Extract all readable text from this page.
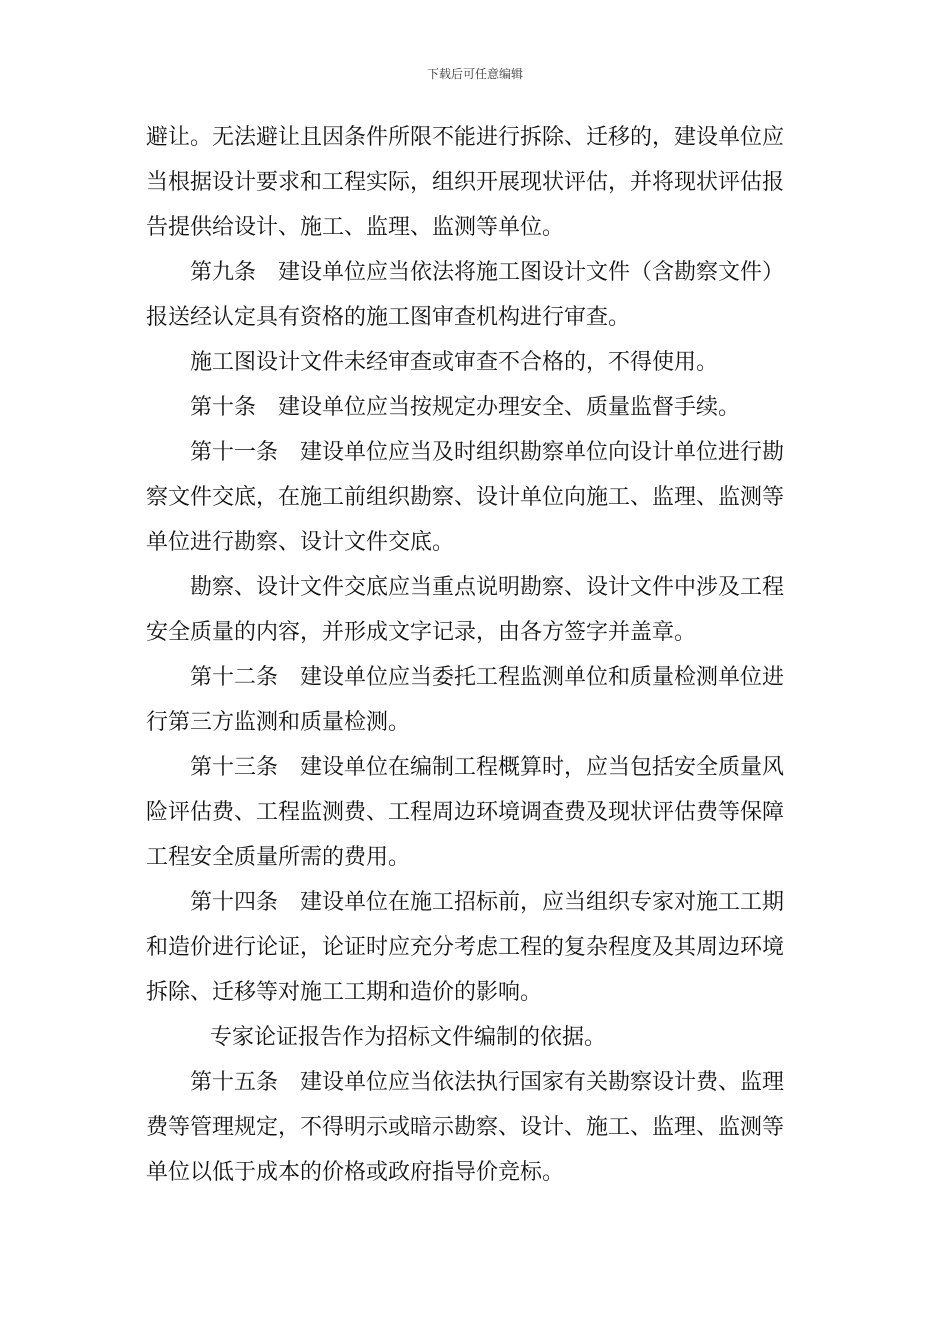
下载后可任意编辑

避让。无法避让且因条件所限不能进行拆除、迁移的，建设单位应
当根据设计要求和工程实际，组织开展现状评估，并将现状评估报
告提供给设计、施工、监理、监测等单位。

第九条 建设单位应当依法将施工图设计文件（含勘察文件）
报送经认定具有资格的施工图审查机构进行审查。

施工图设计文件未经审查或审查不合格的，不得使用。

第十条 建设单位应当按规定办理安全、质量监督手续。

第十一条 建设单位应当及时组织勘察单位向设计单位进行勘
察文件交底，在施工前组织勘察、设计单位向施工、监理、监测等
单位进行勘察、设计文件交底。

勘察、设计文件交底应当重点说明勘察、设计文件中涉及工程
安全质量的内容，并形成文字记录，由各方签字并盖章。

第十二条 建设单位应当委托工程监测单位和质量检测单位进
行第三方监测和质量检测。

第十三条 建设单位在编制工程概算时，应当包括安全质量风
险评估费、工程监测费、工程周边环境调查费及现状评估费等保障
工程安全质量所需的费用。

第十四条 建设单位在施工招标前，应当组织专家对施工工期
和造价进行论证，论证时应充分考虑工程的复杂程度及其周边环境
拆除、迁移等对施工工期和造价的影响。

专家论证报告作为招标文件编制的依据。

第十五条 建设单位应当依法执行国家有关勘察设计费、监理
费等管理规定，不得明示或暗示勘察、设计、施工、监理、监测等
单位以低于成本的价格或政府指导价竞标。
